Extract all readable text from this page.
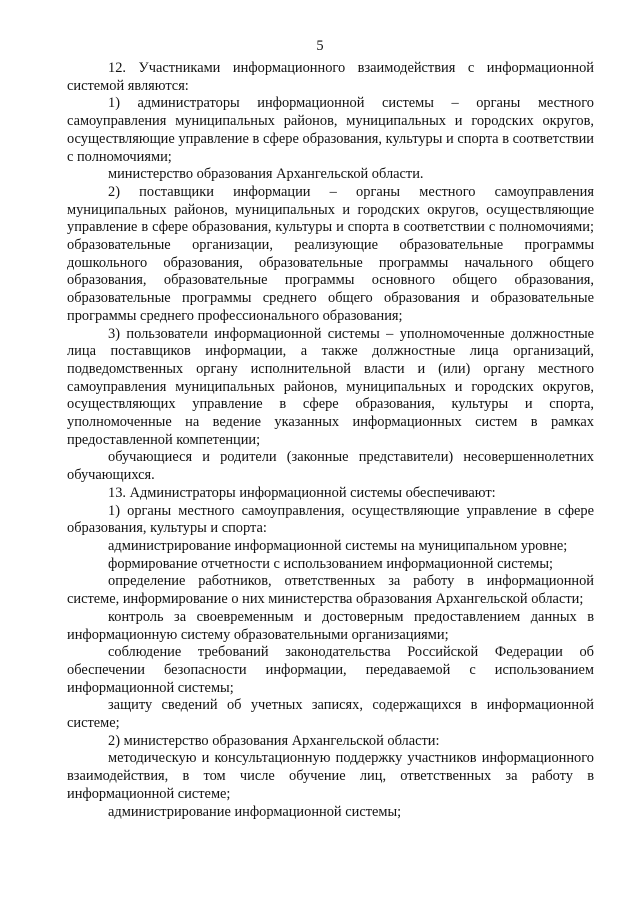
5

12. Участниками информационного взаимодействия с информационной системой являются:

1) администраторы информационной системы – органы местного самоуправления муниципальных районов, муниципальных и городских округов, осуществляющие управление в сфере образования, культуры и спорта в соответствии с полномочиями;

министерство образования Архангельской области.

2) поставщики информации – органы местного самоуправления муниципальных районов, муниципальных и городских округов, осуществляющие управление в сфере образования, культуры и спорта в соответствии с полномочиями; образовательные организации, реализующие образовательные программы дошкольного образования, образовательные программы начального общего образования, образовательные программы основного общего образования, образовательные программы среднего общего образования и образовательные программы среднего профессионального образования;

3) пользователи информационной системы – уполномоченные должностные лица поставщиков информации, а также должностные лица организаций, подведомственных органу исполнительной власти и (или) органу местного самоуправления муниципальных районов, муниципальных и городских округов, осуществляющих управление в сфере образования, культуры и спорта, уполномоченные на ведение указанных информационных систем в рамках предоставленной компетенции;

обучающиеся и родители (законные представители) несовершеннолетних обучающихся.

13. Администраторы информационной системы обеспечивают:

1) органы местного самоуправления, осуществляющие управление в сфере образования, культуры и спорта:

администрирование информационной системы на муниципальном уровне;

формирование отчетности с использованием информационной системы;

определение работников, ответственных за работу в информационной системе, информирование о них министерства образования Архангельской области;

контроль за своевременным и достоверным предоставлением данных в информационную систему образовательными организациями;

соблюдение требований законодательства Российской Федерации об обеспечении безопасности информации, передаваемой с использованием информационной системы;

защиту сведений об учетных записях, содержащихся в информационной системе;

2) министерство образования Архангельской области:

методическую и консультационную поддержку участников информационного взаимодействия, в том числе обучение лиц, ответственных за работу в информационной системе;

администрирование информационной системы;
